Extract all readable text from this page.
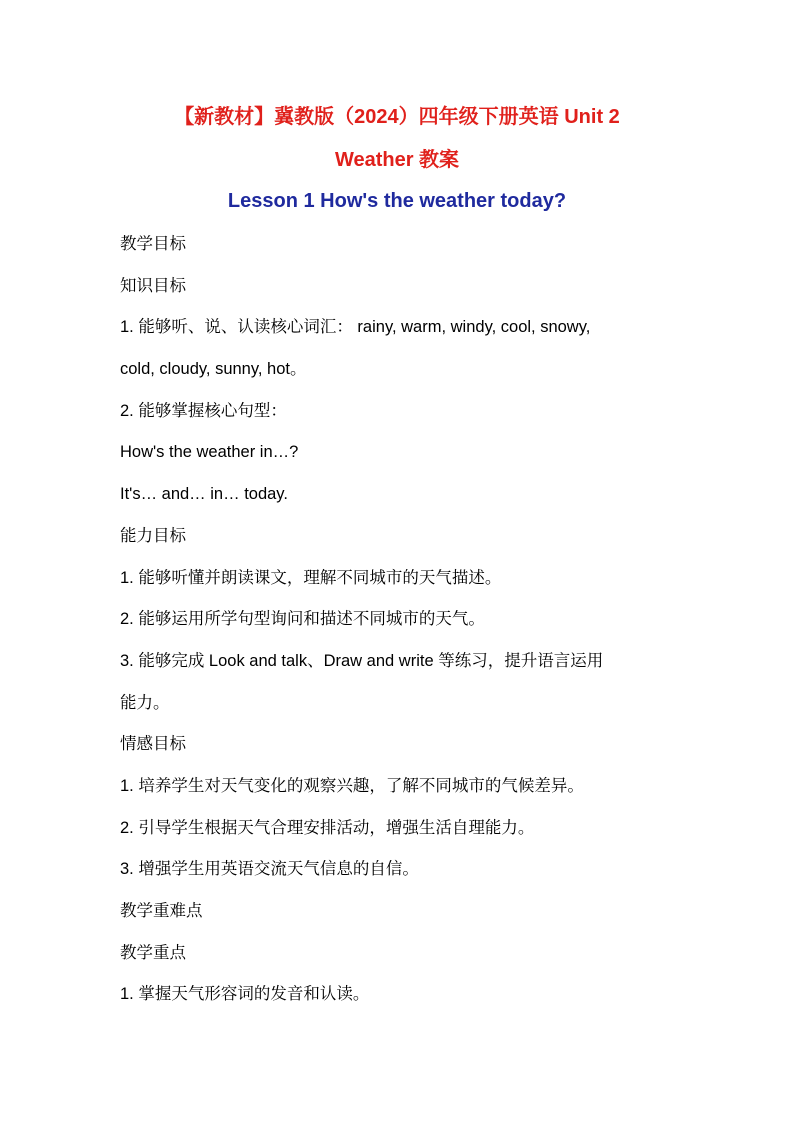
【新教材】冀教版（2024）四年级下册英语 Unit 2
Weather 教案
Lesson 1 How's the weather today?
教学目标
知识目标
1. 能够听、说、认读核心词汇： rainy, warm, windy, cool, snowy,
cold, cloudy, sunny, hot。
2. 能够掌握核心句型：
How's the weather in…?
It's… and… in… today.
能力目标
1. 能够听懂并朗读课文，理解不同城市的天气描述。
2. 能够运用所学句型询问和描述不同城市的天气。
3. 能够完成 Look and talk、Draw and write 等练习，提升语言运用
能力。
情感目标
1. 培养学生对天气变化的观察兴趣，了解不同城市的气候差异。
2. 引导学生根据天气合理安排活动，增强生活自理能力。
3. 增强学生用英语交流天气信息的自信。
教学重难点
教学重点
1. 掌握天气形容词的发音和认读。
